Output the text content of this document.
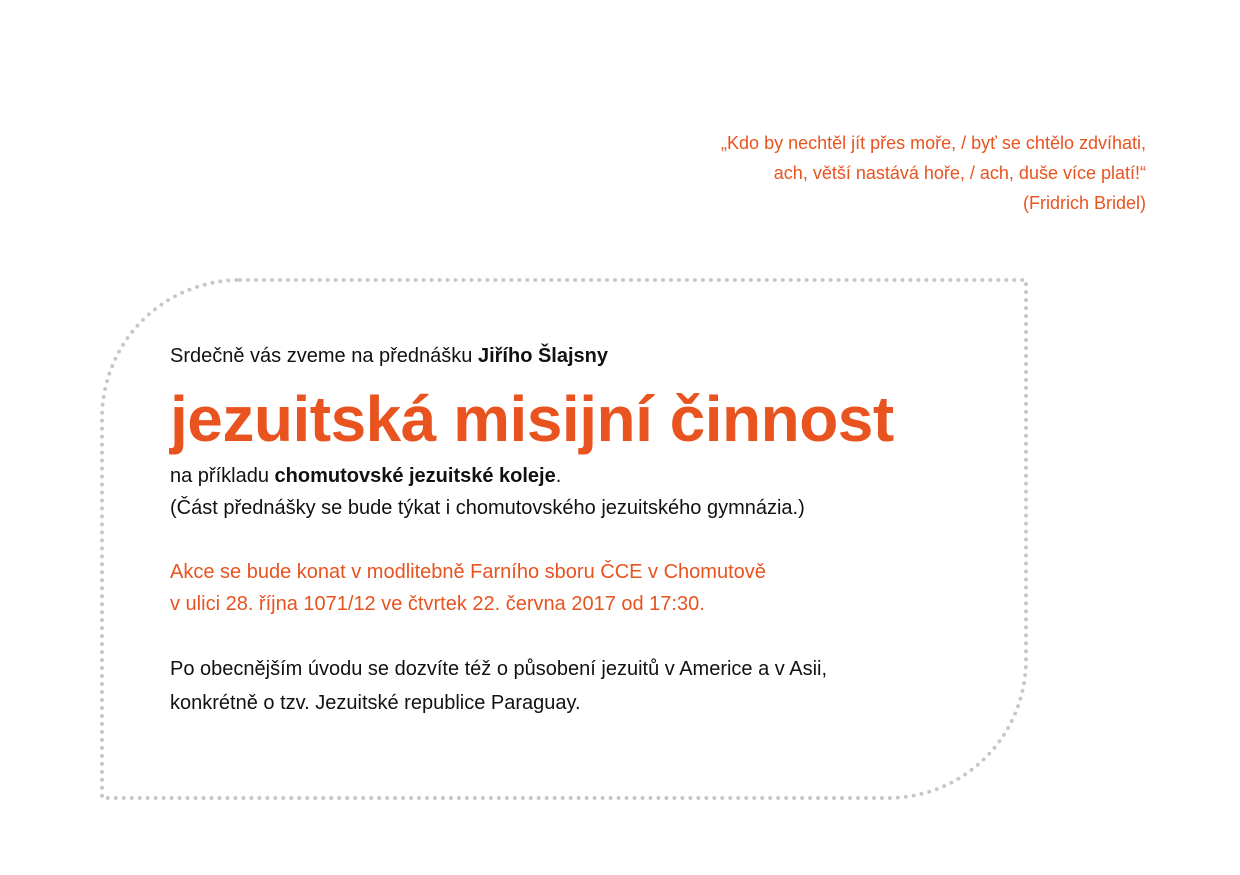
„Kdo by nechtěl jít přes moře, / byť se chtělo zdvíhati,
ach, větší nastává hoře, / ach, duše více platí!“
(Fridrich Bridel)
Srdečně vás zveme na přednášku Jiřího Šlajsny
jezuitská misijní činnost
na příkladu chomutovské jezuitské koleje.
(Část přednášky se bude týkat i chomutovského jezuitského gymnázia.)
Akce se bude konat v modlitebně Farního sboru ČCE v Chomutově
v ulici 28. října 1071/12 ve čtvrtek 22. června 2017 od 17:30.
Po obecnějším úvodu se dozvíte též o působení jezuitů v Americe a v Asii,
konkrétně o tzv. Jezuitské republice Paraguay.
